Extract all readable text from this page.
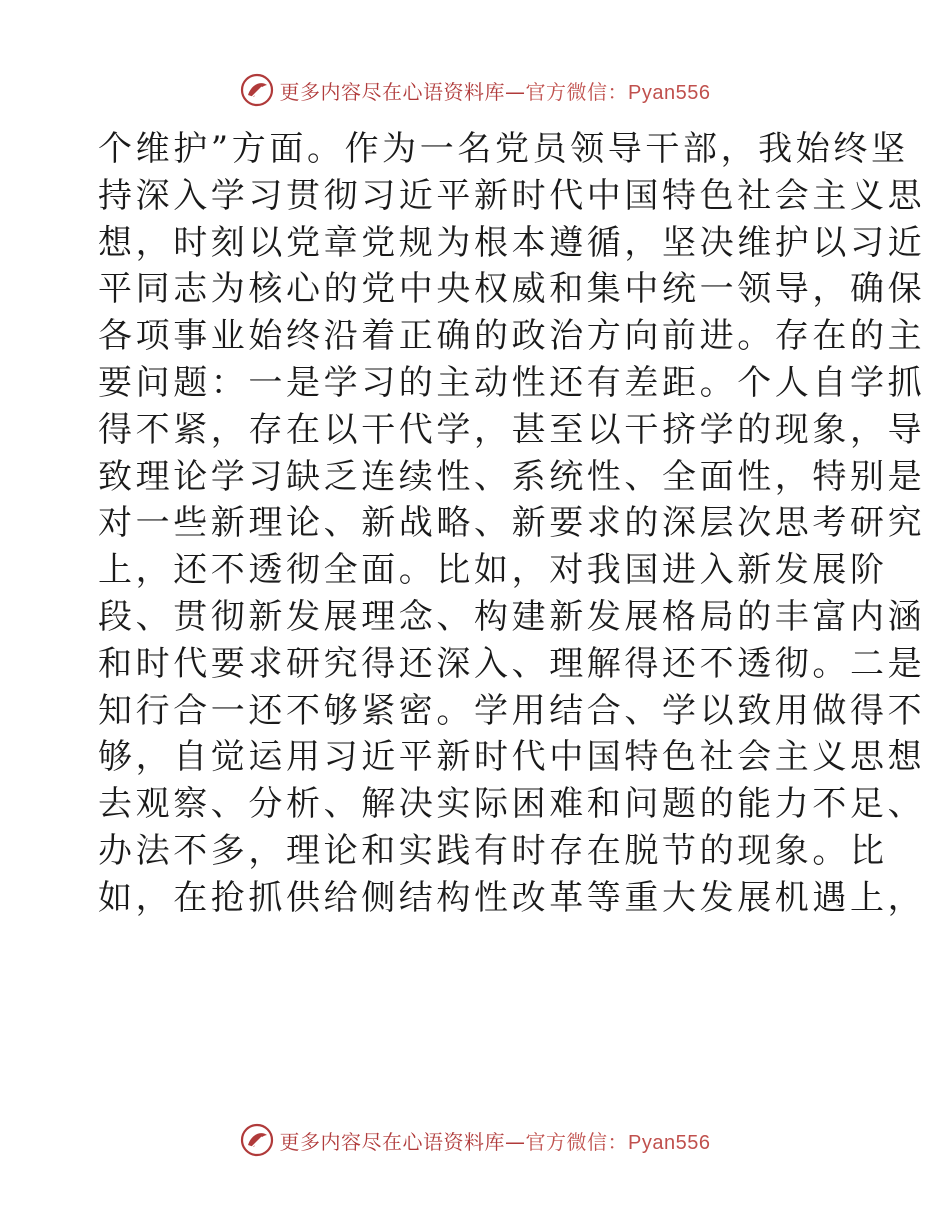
更多内容尽在心语资料库—官方微信：Pyan556
个维护”方面。作为一名党员领导干部，我始终坚
持深入学习贯彻习近平新时代中国特色社会主义思
想，时刻以党章党规为根本遵循，坚决维护以习近
平同志为核心的党中央权威和集中统一领导，确保
各项事业始终沿着正确的政治方向前进。存在的主
要问题：一是学习的主动性还有差距。个人自学抓
得不紧，存在以干代学，甚至以干挤学的现象，导
致理论学习缺乏连续性、系统性、全面性，特别是
对一些新理论、新战略、新要求的深层次思考研究
上，还不透彻全面。比如，对我国进入新发展阶
段、贯彻新发展理念、构建新发展格局的丰富内涵
和时代要求研究得还深入、理解得还不透彻。二是
知行合一还不够紧密。学用结合、学以致用做得不
够，自觉运用习近平新时代中国特色社会主义思想
去观察、分析、解决实际困难和问题的能力不足、
办法不多，理论和实践有时存在脱节的现象。比
如，在抢抓供给侧结构性改革等重大发展机遇上，
更多内容尽在心语资料库—官方微信：Pyan556
